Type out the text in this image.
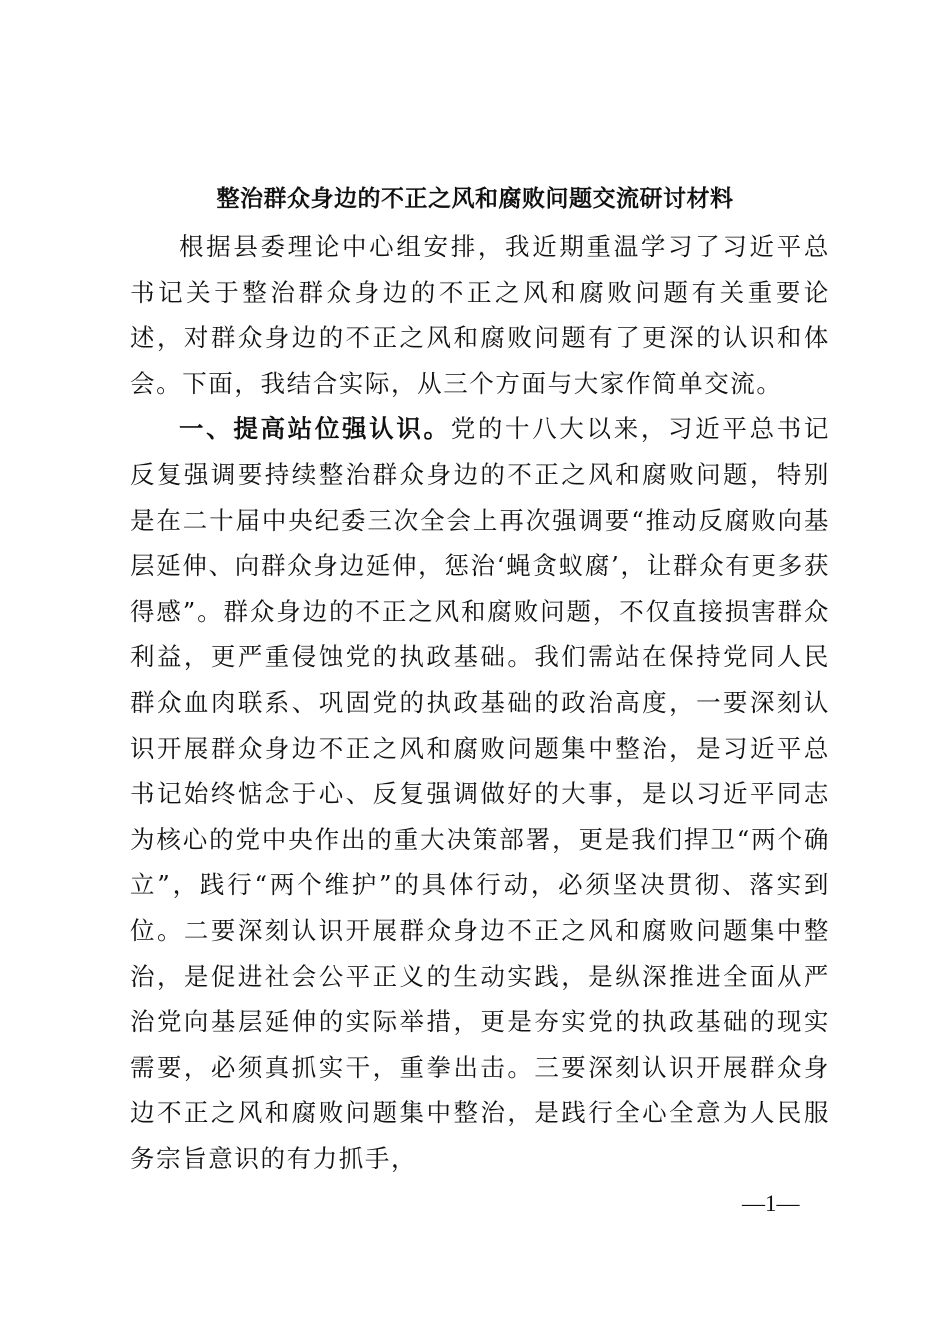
整治群众身边的不正之风和腐败问题交流研讨材料

根据县委理论中心组安排，我近期重温学习了习近平总书记关于整治群众身边的不正之风和腐败问题有关重要论述，对群众身边的不正之风和腐败问题有了更深的认识和体会。下面，我结合实际，从三个方面与大家作简单交流。

一、提高站位强认识。党的十八大以来，习近平总书记反复强调要持续整治群众身边的不正之风和腐败问题，特别是在二十届中央纪委三次全会上再次强调要“推动反腐败向基层延伸、向群众身边延伸，惩治‘蝇贪蚁腐’，让群众有更多获得感”。群众身边的不正之风和腐败问题，不仅直接损害群众利益，更严重侵蚀党的执政基础。我们需站在保持党同人民群众血肉联系、巩固党的执政基础的政治高度，一要深刻认识开展群众身边不正之风和腐败问题集中整治，是习近平总书记始终惦念于心、反复强调做好的大事，是以习近平同志为核心的党中央作出的重大决策部署，更是我们捍卫“两个确立”，践行“两个维护”的具体行动，必须坚决贯彻、落实到位。二要深刻认识开展群众身边不正之风和腐败问题集中整治，是促进社会公平正义的生动实践，是纵深推进全面从严治党向基层延伸的实际举措，更是夯实党的执政基础的现实需要，必须真抓实干，重拳出击。三要深刻认识开展群众身边不正之风和腐败问题集中整治，是践行全心全意为人民服务宗旨意识的有力抓手，

—1—
